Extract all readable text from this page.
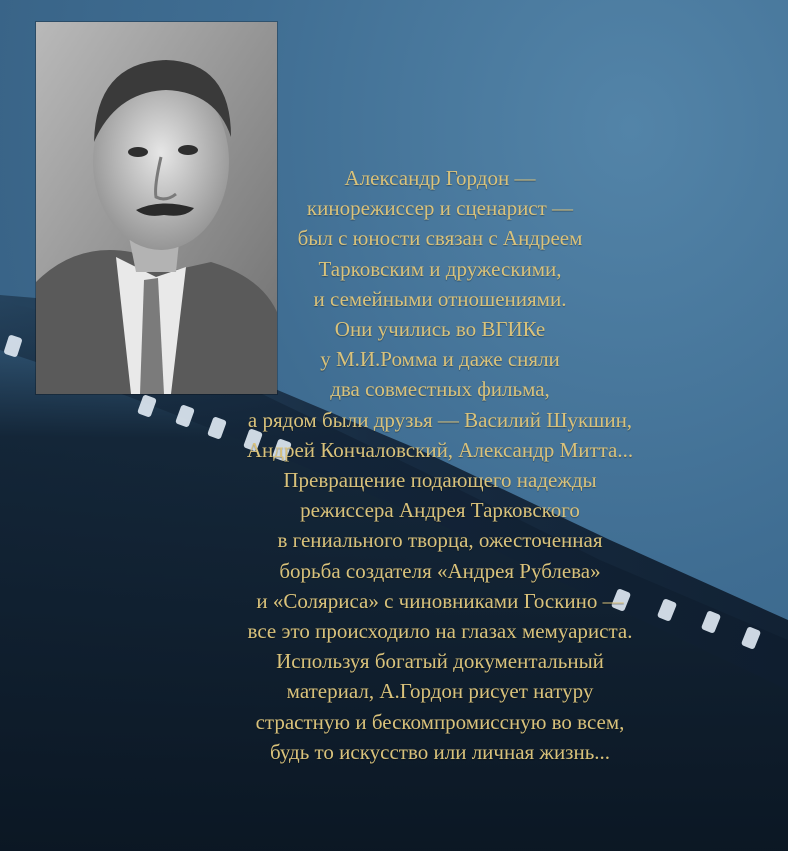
Александр Гордон —
кинорежиссер и сценарист —
был с юности связан с Андреем
Тарковским и дружескими,
и семейными отношениями.
Они учились во ВГИКе
у М.И.Ромма и даже сняли
два совместных фильма,
а рядом были друзья — Василий Шукшин,
Андрей Кончаловский, Александр Митта...
Превращение подающего надежды
режиссера Андрея Тарковского
в гениального творца, ожесточенная
борьба создателя «Андрея Рублева»
и «Соляриса» с чиновниками Госкино —
все это происходило на глазах мемуариста.
Используя богатый документальный
материал, А.Гордон рисует натуру
страстную и бескомпромиссную во всем,
будь то искусство или личная жизнь...
